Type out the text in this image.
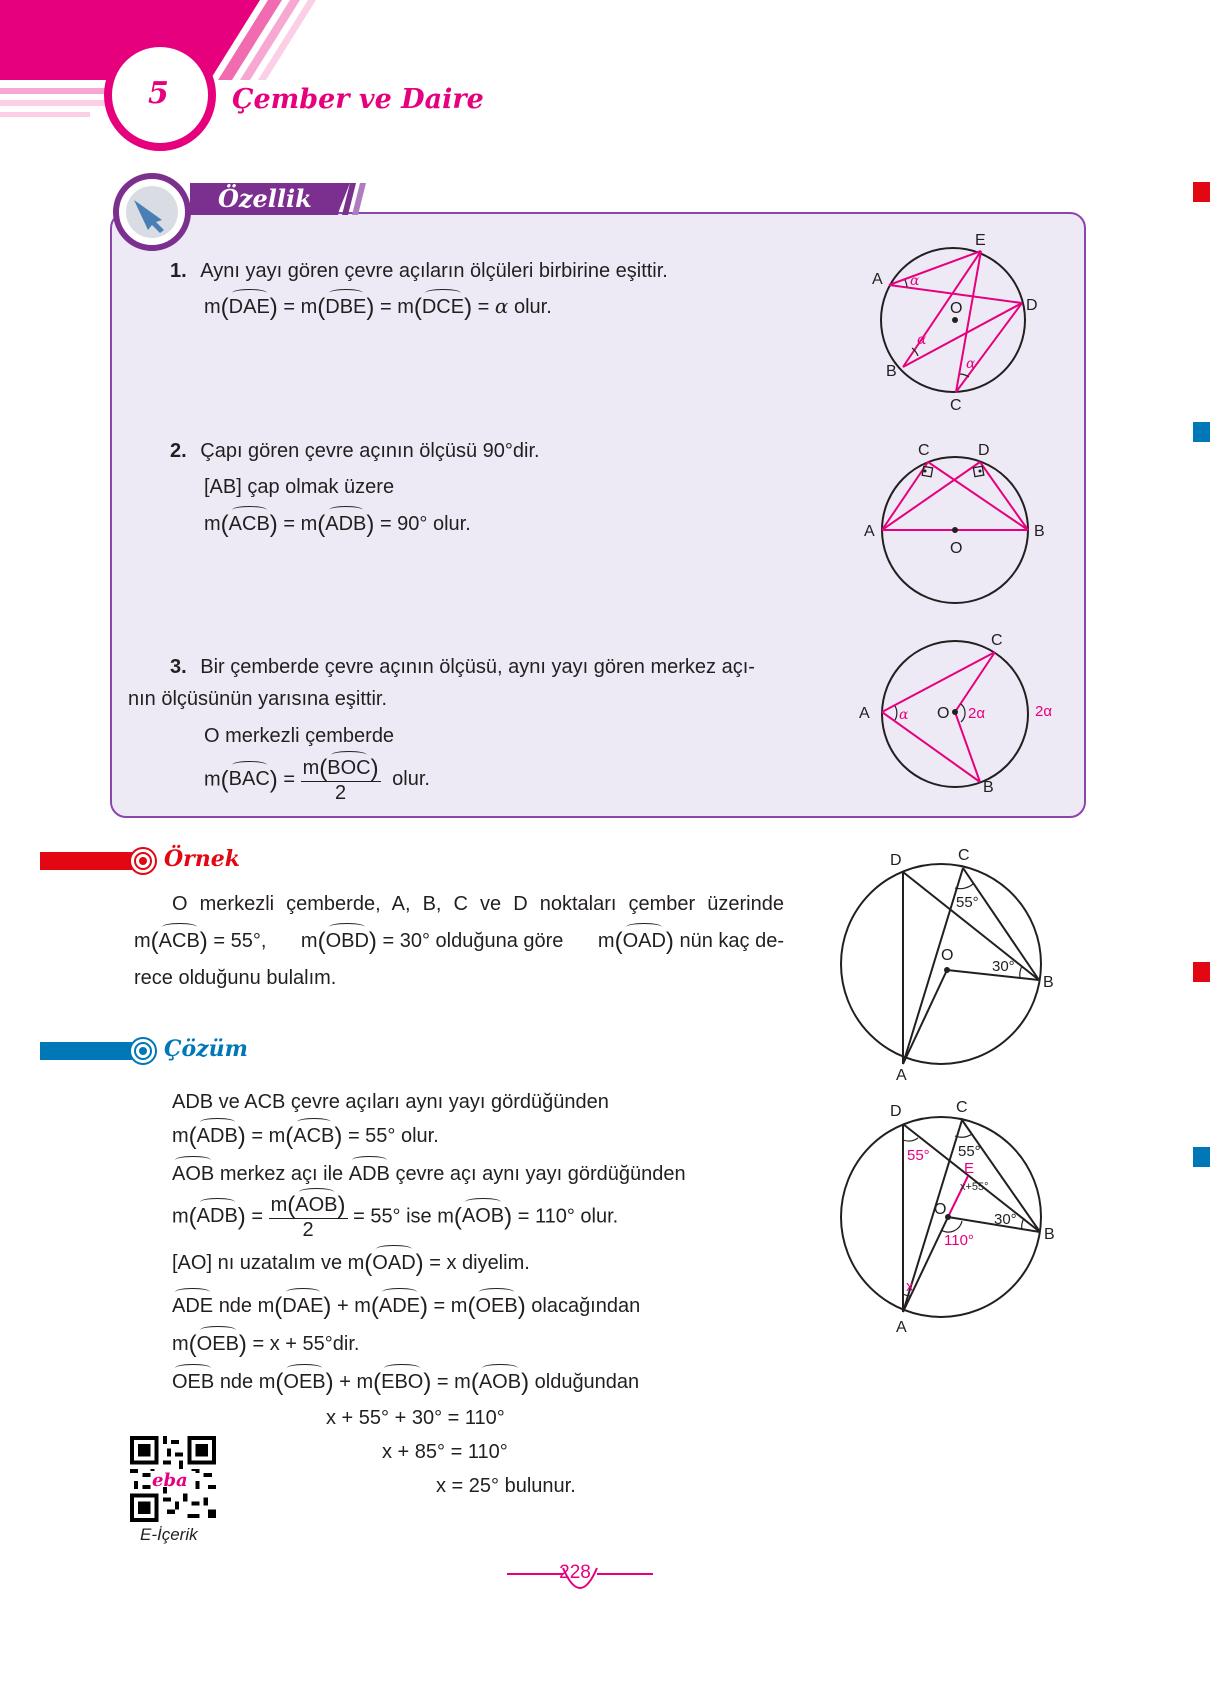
5 Çember ve Daire
Özellik
1. Aynı yayı gören çevre açıların ölçüleri birbirine eşittir.
m(DAE) = m(DBE) = m(DCE) = α olur.
A
B
C
D
E
O
α
α
α
2. Çapı gören çevre açının ölçüsü 90°dir.
[AB] çap olmak üzere
m(ACB) = m(ADB) = 90° olur.	A	B
C	D
O
3. Bir çemberde çevre açının ölçüsü, aynı yayı gören merkez açı-
nın ölçüsünün yarısına eşittir.
O merkezli çemberde
$m(BAC) = \frac{\text{m(BOC)}}{2}$ olur.
A
B
C
O
α	2α	2α
Örnek
O merkezli çemberde, A, B, C ve D noktaları çember üzerinde
m(ACB) = 55°, m(OBD) = 30° olduğuna göre m(OAD) nün kaç de-
rece olduğunu bulalım.
D	C
B
A
O
55°
30°
Çözüm
ADB ve ACB çevre açıları aynı yayı gördüğünden
m(ADB) = m(ACB) = 55° olur.
AOB merkez açı ile ADB çevre açı aynı yayı gördüğünden
$m(ADB) = \frac{\text{m(AOB)}}{2} = 55^\circ$ ise m(AOB) = 110° olur.
[AO] nı uzatalım ve m(OAD) = x diyelim.
ADE nde m(DAE) + m(ADE) = m(OEB) olacağından
m(OEB) = x + 55°dir.
OEB nde m(OEB) + m(EBO) = m(AOB) olduğundan
x + 55° + 30° = 110°
x + 85° = 110°
x = 25° bulunur.
D	C
B
A
O
55°
30°
x+55°
55°
E
110°
x
eba
E-İçerik
228
